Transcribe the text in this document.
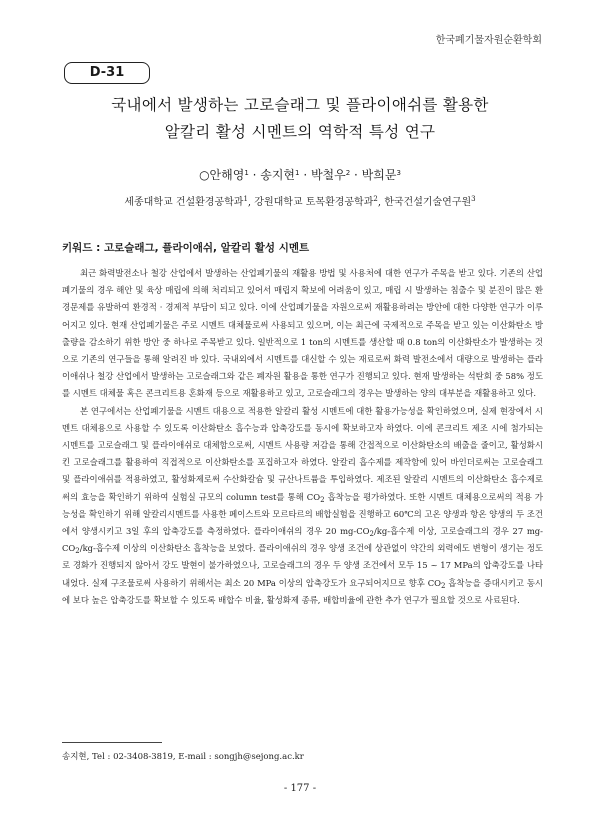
한국폐기물자원순환학회
D-31
국내에서 발생하는 고로슬래그 및 플라이애쉬를 활용한
알칼리 활성 시멘트의 역학적 특성 연구
○안해영$^1$ · 송지현$^1$ · 박철우$^2$ · 박희문$^3$
세종대학교 건설환경공학과$^1$, 강원대학교 토목환경공학과$^2$, 한국건설기술연구원$^3$
키워드 : 고로슬래그, 플라이애쉬, 알칼리 활성 시멘트

최근 화력발전소나 철강 산업에서 발생하는 산업폐기물의 재활용 방법 및 사용처에 대한 연구가 주목을 받고 있다. 기존의 산업폐기물의 경우 해안 및 육상 매립에 의해 처리되고 있어서 매립지 확보에 어려움이 있고, 매립 시 발생하는 침출수 및 분진이 많은 환경문제를 유발하여 환경적 · 경제적 부담이 되고 있다. 이에 산업폐기물을 자원으로써 재활용하려는 방안에 대한 다양한 연구가 이루어지고 있다. 현재 산업폐기물은 주로 시멘트 대체물로써 사용되고 있으며, 이는 최근에 국제적으로 주목을 받고 있는 이산화탄소 방출량을 감소하기 위한 방안 중 하나로 주목받고 있다. 일반적으로 1 ton의 시멘트를 생산할 때 0.8 ton의 이산화탄소가 발생하는 것으로 기존의 연구들을 통해 알려진 바 있다. 국내외에서 시멘트를 대신할 수 있는 재료로써 화력 발전소에서 대량으로 발생하는 플라이애쉬나 철강 산업에서 발생하는 고로슬래그와 같은 폐자원 활용을 통한 연구가 진행되고 있다. 현재 발생하는 석탄회 중 58% 정도를 시멘트 대체물 혹은 콘크리트용 혼화재 등으로 재활용하고 있고, 고로슬래그의 경우는 발생하는 양의 대부분을 재활용하고 있다.

본 연구에서는 산업폐기물을 시멘트 대용으로 적용한 알칼리 활성 시멘트에 대한 활용가능성을 확인하였으며, 실제 현장에서 시멘트 대체용으로 사용할 수 있도록 이산화탄소 흡수능과 압축강도를 동시에 확보하고자 하였다. 이에 콘크리트 제조 시에 첨가되는 시멘트를 고로슬래그 및 플라이애쉬로 대체함으로써, 시멘트 사용량 저감을 통해 간접적으로 이산화탄소의 배출을 줄이고, 활성화시킨 고로슬래그를 활용하여 직접적으로 이산화탄소를 포집하고자 하였다. 알칼리 흡수제를 제작함에 있어 바인더로써는 고로슬래그 및 플라이애쉬를 적용하였고, 활성화제로써 수산화칼슘 및 규산나트륨을 투입하였다. 제조된 알칼리 시멘트의 이산화탄소 흡수제로써의 효능을 확인하기 위하여 실험실 규모의 column test를 통해 $CO_2$ 흡착능을 평가하였다. 또한 시멘트 대체용으로써의 적용 가능성을 확인하기 위해 알칼리시멘트를 사용한 페이스트와 모르타르의 배합실험을 진행하고 60℃의 고온 양생과 항온 양생의 두 조건에서 양생시키고 3일 후의 압축강도를 측정하였다. 플라이애쉬의 경우 20 $mg-CO_2/kg-$흡수제 이상, 고로슬래그의 경우 27 $mg-CO_2/kg-$흡수제 이상의 이산화탄소 흡착능을 보였다. 플라이애쉬의 경우 양생 조건에 상관없이 약간의 외력에도 변형이 생기는 정도로 경화가 진행되지 않아서 강도 발현이 불가하였으나, 고로슬래그의 경우 두 양생 조건에서 모두 15 ~ 17 MPa의 압축강도를 나타내었다. 실제 구조물로써 사용하기 위해서는 최소 20 MPa 이상의 압축강도가 요구되어지므로 향후 $CO_2$ 흡착능을 증대시키고 동시에 보다 높은 압축강도를 확보할 수 있도록 배합수 비율, 활성화제 종류, 배합비율에 관한 추가 연구가 필요할 것으로 사료된다.

송지현, Tel : 02-3408-3819, E-mail : songjh@sejong.ac.kr
- 177 -
